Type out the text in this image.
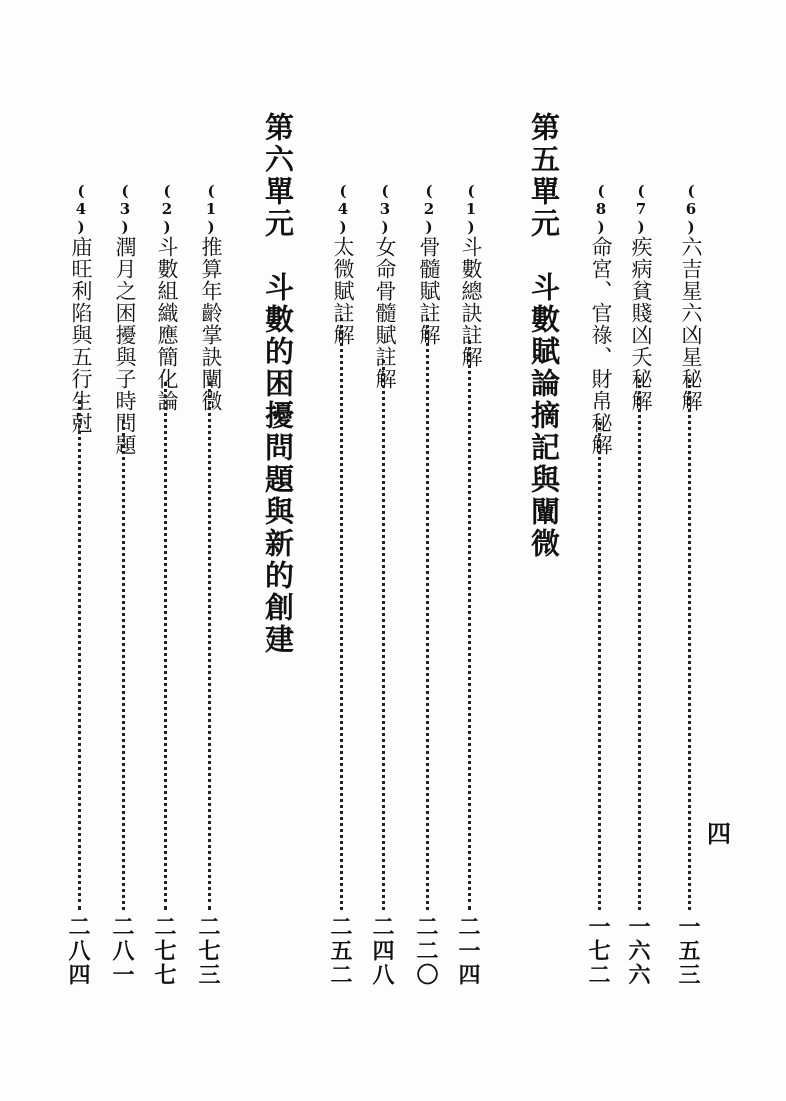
(6)六吉星六凶星秘解
一五三
(7)疾病貧賤凶夭秘解
一六六
(8)命宮、官祿、財帛秘解
一七二
第五單元斗數賦論摘記與闡微
(1)斗數總訣註解
二一四
(2)骨髓賦註解
二二〇
(3)女命骨髓賦註解
二四八
(4)太微賦註解
二五二
第六單元斗數的困擾問題與新的創建
(1)推算年齡掌訣闡微
二七三
(2)斗數組織應簡化論
二七七
(3)潤月之困擾與子時問題
二八一
(4)庙旺利陷與五行生尅
二八四
四
